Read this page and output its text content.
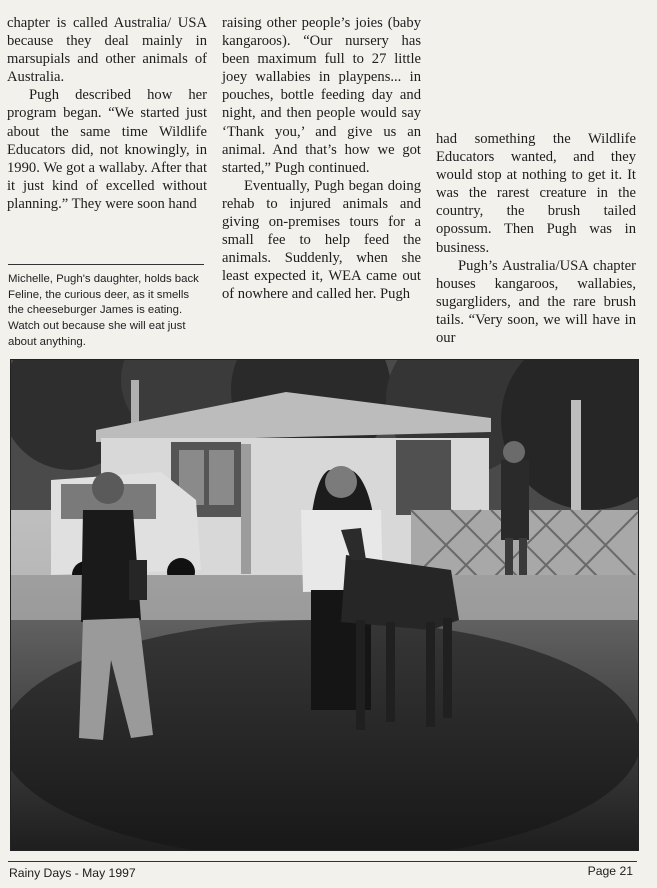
chapter is called Australia/ USA because they deal mainly in marsupials and other animals of Australia.

Pugh described how her program began. “We started just about the same time Wildlife Educators did, not knowingly, in 1990. We got a wallaby. After that it just kind of excelled without planning.” They were soon hand

Michelle, Pugh's daughter, holds back Feline, the curious deer, as it smells the cheeseburger James is eating. Watch out because she will eat just about anything.

raising other people’s joies (baby kangaroos). “Our nursery has been maximum full to 27 little joey wallabies in playpens... in pouches, bottle feeding day and night, and then people would say ‘Thank you,’ and give us an animal. And that’s how we got started,” Pugh continued.

Eventually, Pugh began doing rehab to injured animals and giving on-premises tours for a small fee to help feed the animals. Suddenly, when she least expected it, WEA came out of nowhere and called her. Pugh

had something the Wildlife Educators wanted, and they would stop at nothing to get it. It was the rarest creature in the country, the brush tailed opossum. Then Pugh was in business.

Pugh’s Australia/USA chapter houses kangaroos, wallabies, sugargliders, and the rare brush tails. “Very soon, we will have in our

Rainy Days - May 1997	Page 21
